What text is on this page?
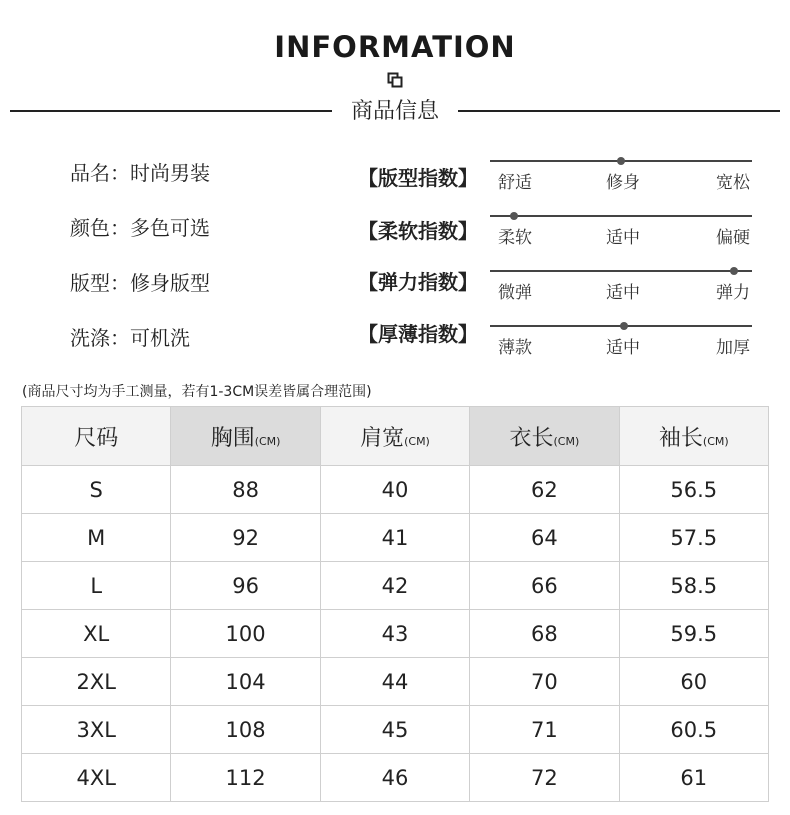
INFORMATION
商品信息
品名：时尚男装
颜色：多色可选
版型：修身版型
洗涤：可机洗
【版型指数】 舒适	修身	宽松
【柔软指数】 柔软	适中	偏硬
【弹力指数】 微弹	适中	弹力
【厚薄指数】
薄款	适中	加厚
(商品尺寸均为手工测量，若有1-3CM误差皆属合理范围)
尺码	胸围(CM)	肩宽(CM)	衣长(CM)	袖长(CM)
S	88	40	62	56.5
M	92	41	64	57.5
L	96	42	66	58.5
XL	100	43	68	59.5
2XL	104	44	70	60
3XL	108	45	71	60.5
4XL	112	46	72	61
